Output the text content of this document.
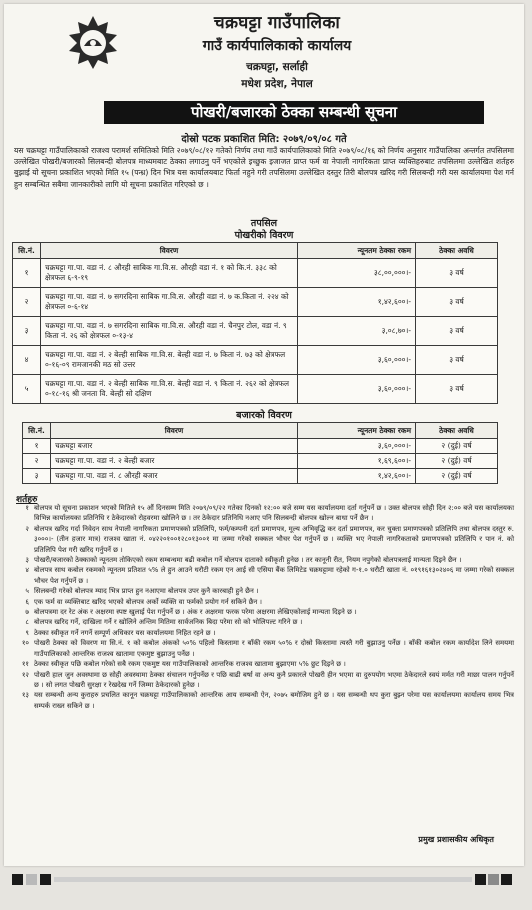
चक्रघट्टा गाउँपालिका
गाउँ कार्यपालिकाको कार्यालय
चक्रघट्टा, सर्लाही
मधेश प्रदेश, नेपाल
पोखरी/बजारको ठेक्का सम्बन्धी सूचना
दोस्रो पटक प्रकाशित मिति: २०७९/०९/०८ गते
यस चक्रघट्टा गाउँपालिकाको राजश्व परामर्श समितिको मिति २०७९/०८/१२ गतेको निर्णय तथा गाउँ कार्यपालिकाको मिति २०७९/०८/१६ को निर्णय अनुसार गाउँपालिका अन्तर्गत तपसिलमा उल्लेखित पोखरी/बजारको सिलबन्दी बोलपत्र माध्यमबाट ठेक्का लगाउनु पर्ने भएकोले इच्छुक इजाजत प्राप्त फर्म वा नेपाली नागरिकता प्राप्त व्यक्तिहरुबाट तपसिलमा उल्लेखित शर्तहरु बुझाई यो सूचना प्रकाशित भएको मिति १५ (पन्ध्र) दिन भित्र यस कार्यालयबाट फिर्ता नहुने गरी तपसिलमा उल्लेखित दस्तुर तिरी बोलपत्र खरिद गरी सिलबन्दी गरी यस कार्यालयमा पेश गर्न हुन सम्बन्धित सबैमा जानकारीको लागि यो सूचना प्रकाशित गरिएको छ ।
तपसिल
पोखरीको विवरण
सि.नं.	विवरण	न्यूनतम ठेक्का रकम	ठेक्का अवधि
१	चक्रघट्टा गा.पा. वडा नं. ८ औरही साबिक गा.वि.स. औरही वडा नं. १ को कि.नं. ३३८ को क्षेत्रफल ६-९-१९	३८,००,०००।-	३ वर्ष
२	चक्रघट्टा गा.पा. वडा नं. ७ सगरदिना साबिक गा.वि.स. औरही वडा नं. ७ क.किता नं. २२४ को क्षेत्रफल ०-६-१४	१,४२,६००।-	३ वर्ष
३	चक्रघट्टा गा.पा. वडा नं. ७ सगरदिना साबिक गा.वि.स. औरही वडा नं. चैनपुर टोल, वडा नं. ९ किता नं. २६ को क्षेत्रफल ०-१३-४	३,०८,७०।-	३ वर्ष
४	चक्रघट्टा गा.पा. वडा नं. २ बेल्ही साबिक गा.वि.स. बेल्ही वडा नं. ७ किता नं. ७३ को क्षेत्रफल ०-१६-०९ रामजानकी मठ सो उत्तर	३,६०,०००।-	३ वर्ष
५	चक्रघट्टा गा.पा. वडा नं. २ बेल्ही साबिक गा.वि.स. बेल्ही वडा नं. ९ किता नं. २६२ को क्षेत्रफल ०-१८-१६ श्री जनता वि. बेल्ही सो दक्षिण	३,६०,०००।-	३ वर्ष
बजारको विवरण
सि.नं.	विवरण	न्यूनतम ठेक्का रकम	ठेक्का अवधि
१	चक्रघट्टा बजार	३,६०,०००।-	२ (दुई) वर्ष
२	चक्रघट्टा गा.पा. वडा नं. २ बेल्ही बजार	१,६९,६००।-	२ (दुई) वर्ष
३	चक्रघट्टा गा.पा. वडा नं. ८ औरही बजार	१,४२,६००।-	२ (दुई) वर्ष
शर्तहरु
१ बोलपत्र यो सूचना प्रकाशन भएको मितिले १५ औं दिनसम्म मिति २०७९/०९/२२ गतेका दिनको १२:०० बजे सम्म यस कार्यालयमा दर्ता गर्नुपर्ने छ । उक्त बोलपत्र सोही दिन २:०० बजे यस कार्यालयका विभिन्न कार्यालयका प्रतिनिधि र ठेकेदारको रोहवरमा खोलिने छ । तर ठेकेदार प्रतिनिधि नआए पनि सिलबन्दी बोलपत्र खोल्न बाधा पर्ने छैन ।
२ बोलपत्र खरिद गर्दा निवेदन साथ नेपाली नागरिकता प्रमाणपत्रको प्रतिलिपि, फर्म/कम्पनी दर्ता प्रमाणपत्र, मूल्य अभिवृद्धि कर दर्ता प्रमाणपत्र, कर चुक्ता प्रमाणपत्रको प्रतिलिपि तथा बोलपत्र दस्तुर रु. ३०००।- (तीन हजार मात्र) राजश्व खाता नं. ०४२२०१००१२८०१३००१ मा जम्मा गरेको सक्कल भौचर पेश गर्नुपर्ने छ । व्यक्ति भए नेपाली नागरिकताको प्रमाणपत्रको प्रतिलिपि र पान नं. को प्रतिलिपि पेश गरी खरिद गर्नुपर्ने छ ।
३ पोखरी/बजारको ठेक्काको न्यूनतम तोकिएको रकम सम्बन्धमा बढी कबोल गर्ने बोलपत्र दाताको स्वीकृती हुनेछ । तर कानूनी रीत, नियम नपुगेको बोलपत्रलाई मान्यता दिइने छैन ।
४ बोलपत्र साथ कबोल रकमको न्यूनतम प्रतिशत ५% ले हुन आउने धरौटी रकम एन आई सी एसिया बैंक लिमिटेड चक्रघट्टामा रहेको ग-१.० धरौटी खाता नं. ०१९१६१३०२४०६ मा जम्मा गरेको सक्कल भौचर पेश गर्नुपर्ने छ ।
५ सिलबन्दी गरेको बोलपत्र म्याद भित्र प्राप्त हुन नआएमा बोलपत्र उपर कुनै कारबाही हुने छैन ।
६ एक फर्म वा व्यक्तिबाट खरिद भएको बोलपत्र अर्को व्यक्ति वा फर्मको प्रयोग गर्न सकिने छैन ।
७ बोलपत्रमा दर रेट अंक र अक्षरमा स्पष्ट खुलाई पेश गर्नुपर्ने छ । अंक र अक्षरमा फरक परेमा अक्षरमा लेखिएकोलाई मान्यता दिइने छ ।
८ बोलपत्र खरिद गर्ने, दाखिला गर्ने र खोलिने अन्तिम मितिमा सार्वजनिक बिदा परेमा सो को भोलिपल्ट गरिने छ ।
९ ठेक्का स्वीकृत गर्ने नगर्ने सम्पूर्ण अधिकार यस कार्यालयमा निहित रहने छ ।
१० पोखरी ठेक्का को विवरण मा सि.नं. १ को कबोल अंकको ५०% पहिलो किस्तामा र बाँकी रकम ५०% र दोस्रो किस्तामा त्यस्तै गरी बुझाउनु पर्नेछ । बाँकी कबोल रकम कार्यादेश लिने समयमा गाउँपालिकाको आन्तरिक राजश्व खातामा एकमुष्ट बुझाउनु पर्नेछ ।
११ ठेक्का स्वीकृत पछि कबोल गरेको सबै रकम एकमुष्ट यस गाउँपालिकाको आन्तरिक राजश्व खातामा बुझाएमा ५% छुट दिइने छ ।
१२ पोखरी हाल जुन अवस्थामा छ सोही अवस्थामा ठेक्का संचालन गर्नुपर्नेछ र पछि बाढी बर्षा वा अन्य कुनै प्रकारले पोखरी हीन भएमा वा दुरुपयोग भएमा ठेकेदारले स्वयं मर्मत गरी माछा पालन गर्नुपर्ने छ । सो लगत पोखरी सुरक्षा र रेखदेख गर्ने जिम्मा ठेकेदारको हुनेछ ।
१३ यस सम्बन्धी अन्य कुराहरु प्रचलित कानून चक्रघट्टा गाउँपालिकाको आन्तरिक आय सम्बन्धी ऐन, २०७५ बमोजिम हुने छ । यस सम्बन्धी थप कुरा बुझ्न परेमा यस कार्यालयमा कार्यालय समय भित्र सम्पर्क राख्न सकिने छ ।
प्रमुख प्रशासकीय अधिकृत
